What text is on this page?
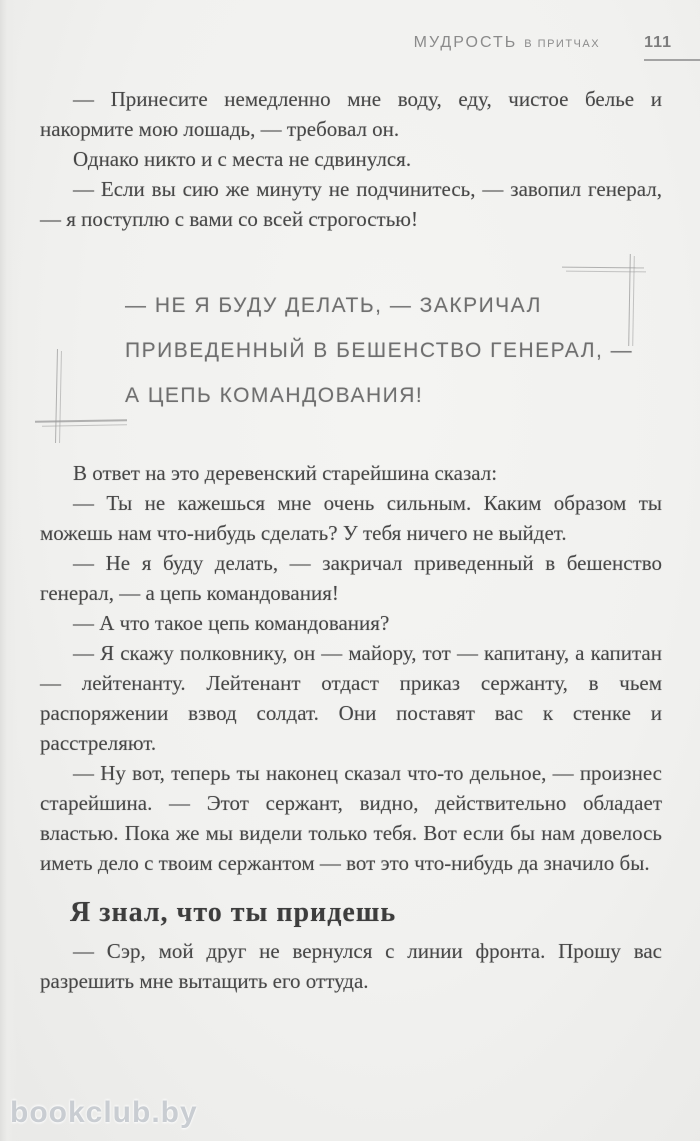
МУДРОСТЬ В ПРИТЧАХ	111

— Принесите немедленно мне воду, еду, чистое белье и накормите мою лошадь, — требовал он.

Однако никто и с места не сдвинулся.

— Если вы сию же минуту не подчинитесь, — завопил генерал, — я поступлю с вами со всей строгостью!

— НЕ Я БУДУ ДЕЛАТЬ, — ЗАКРИЧАЛ
ПРИВЕДЕННЫЙ В БЕШЕНСТВО ГЕНЕРАЛ, —
А ЦЕПЬ КОМАНДОВАНИЯ!

В ответ на это деревенский старейшина сказал:

— Ты не кажешься мне очень сильным. Каким образом ты можешь нам что-нибудь сделать? У тебя ничего не выйдет.

— Не я буду делать, — закричал приведенный в бешенство генерал, — а цепь командования!

— А что такое цепь командования?

— Я скажу полковнику, он — майору, тот — капитану, а капитан — лейтенанту. Лейтенант отдаст приказ сержанту, в чьем распоряжении взвод солдат. Они поставят вас к стенке и расстреляют.

— Ну вот, теперь ты наконец сказал что-то дельное, — произнес старейшина. — Этот сержант, видно, действительно обладает властью. Пока же мы видели только тебя. Вот если бы нам довелось иметь дело с твоим сержантом — вот это что-нибудь да значило бы.

Я знал, что ты придешь

— Сэр, мой друг не вернулся с линии фронта. Прошу вас разрешить мне вытащить его оттуда.

bookclub.by
